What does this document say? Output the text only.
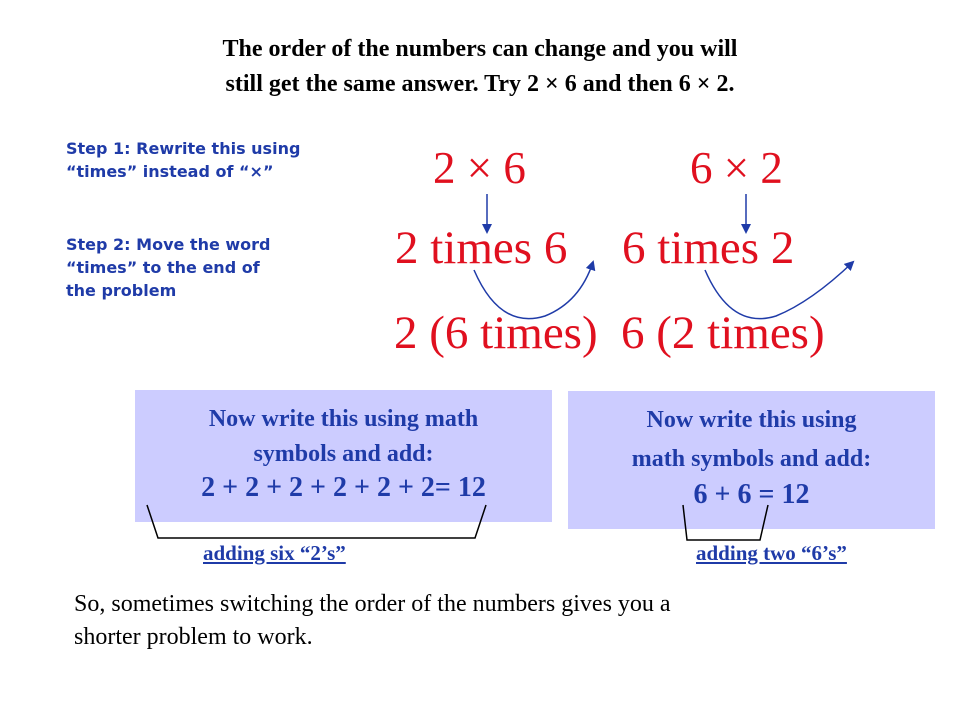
The order of the numbers can change and you will
still get the same answer. Try 2 × 6 and then 6 × 2.
Step 1: Rewrite this using
“times” instead of “×”
Step 2: Move the word
“times” to the end of
the problem
2 × 6
2 times 6
2 (6 times)
6 × 2
6 times 2
6 (2 times)
Now write this using math
symbols and add:
2 + 2 + 2 + 2 + 2 + 2= 12
Now write this using
math symbols and add:
6 + 6 = 12
adding six “2’s”	adding two “6’s”
So, sometimes switching the order of the numbers gives you a
shorter problem to work.
